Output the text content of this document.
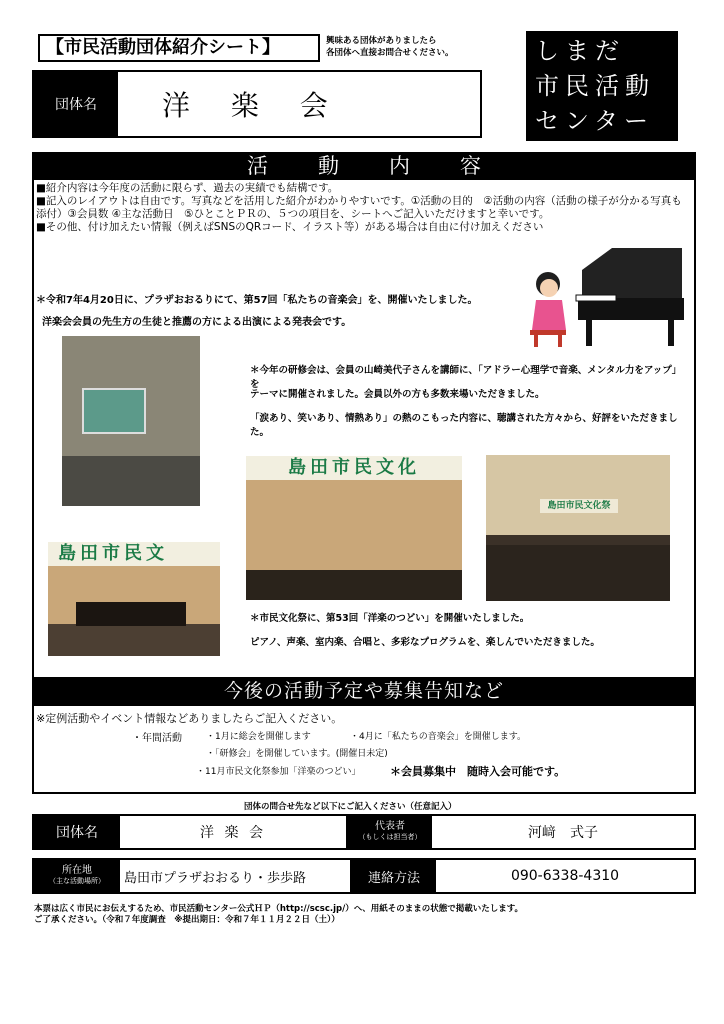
【市民活動団体紹介シート】	興味ある団体がありましたら
各団体へ直接お問合せください。	しまだ
市民活動
センター
団体名	洋 楽 会
活動内容
■紹介内容は今年度の活動に限らず、過去の実績でも結構です。
■記入のレイアウトは自由です。写真などを活用した紹介がわかりやすいです。①活動の目的　②活動の内容（活動の様子が分かる写真も添付）③会員数 ④主な活動日　⑤ひとことＰＲの、５つの項目を、シートへご記入いただけますと幸いです。
■その他、付け加えたい情報（例えばSNSのQRコード、イラスト等）がある場合は自由に付け加えください
＊令和7年4月20日に、プラザおおるりにて、第57回「私たちの音楽会」を、開催いたしました。
洋楽会会員の先生方の生徒と推薦の方による出演による発表会です。
＊今年の研修会は、会員の山崎美代子さんを講師に、「アドラー心理学で音楽、メンタル力をアップ」を
テーマに開催されました。会員以外の方も多数来場いただきました。
「涙あり、笑いあり、情熱あり」の熱のこもった内容に、聴講された方々から、好評をいただきました。
島田市民文化
島田市民文化祭
島田市民文
＊市民文化祭に、第53回「洋楽のつどい」を開催いたしました。
ピアノ、声楽、室内楽、合唱と、多彩なプログラムを、楽しんでいただきました。
今後の活動予定や募集告知など
※定例活動やイベント情報などありましたらご記入ください。
・年間活動	・1月に総会を開催します	・4月に「私たちの音楽会」を開催します。
・「研修会」を開催しています。(開催日未定)
・11月市民文化祭参加「洋楽のつどい」	＊会員募集中　随時入会可能です。
団体の問合せ先など以下にご記入ください（任意記入）
団体名	洋 楽 会	代表者
（もしくは担当者）	河﨑　式子
所在地
（主な活動場所）	島田市プラザおおるり・歩歩路	連絡方法	090-6338-4310
本票は広く市民にお伝えするため、市民活動センター公式ＨＰ（http://scsc.jp/）へ、用紙そのままの状態で掲載いたします。
ご了承ください。（令和７年度調査　※提出期日：令和７年１１月２２日（土））
